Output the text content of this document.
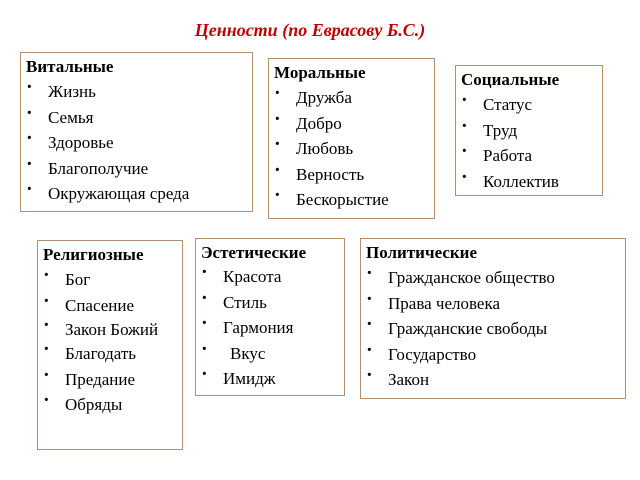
Ценности (по Еврасову Б.С.)
Витальные
· Жизнь
· Семья
· Здоровье
· Благополучие
· Окружающая среда
Моральные
· Дружба
· Добро
· Любовь
· Верность
· Бескорыстие
Социальные
· Статус
· Труд
· Работа
· Коллектив
Религиозные
· Бог
· Спасение
· Закон Божий
· Благодать
· Предание
· Обряды
Эстетические
· Красота
· Стиль
· Гармония
· Вкус
· Имидж
Политические
· Гражданское общество
· Права человека
· Гражданские свободы
· Государство
· Закон
